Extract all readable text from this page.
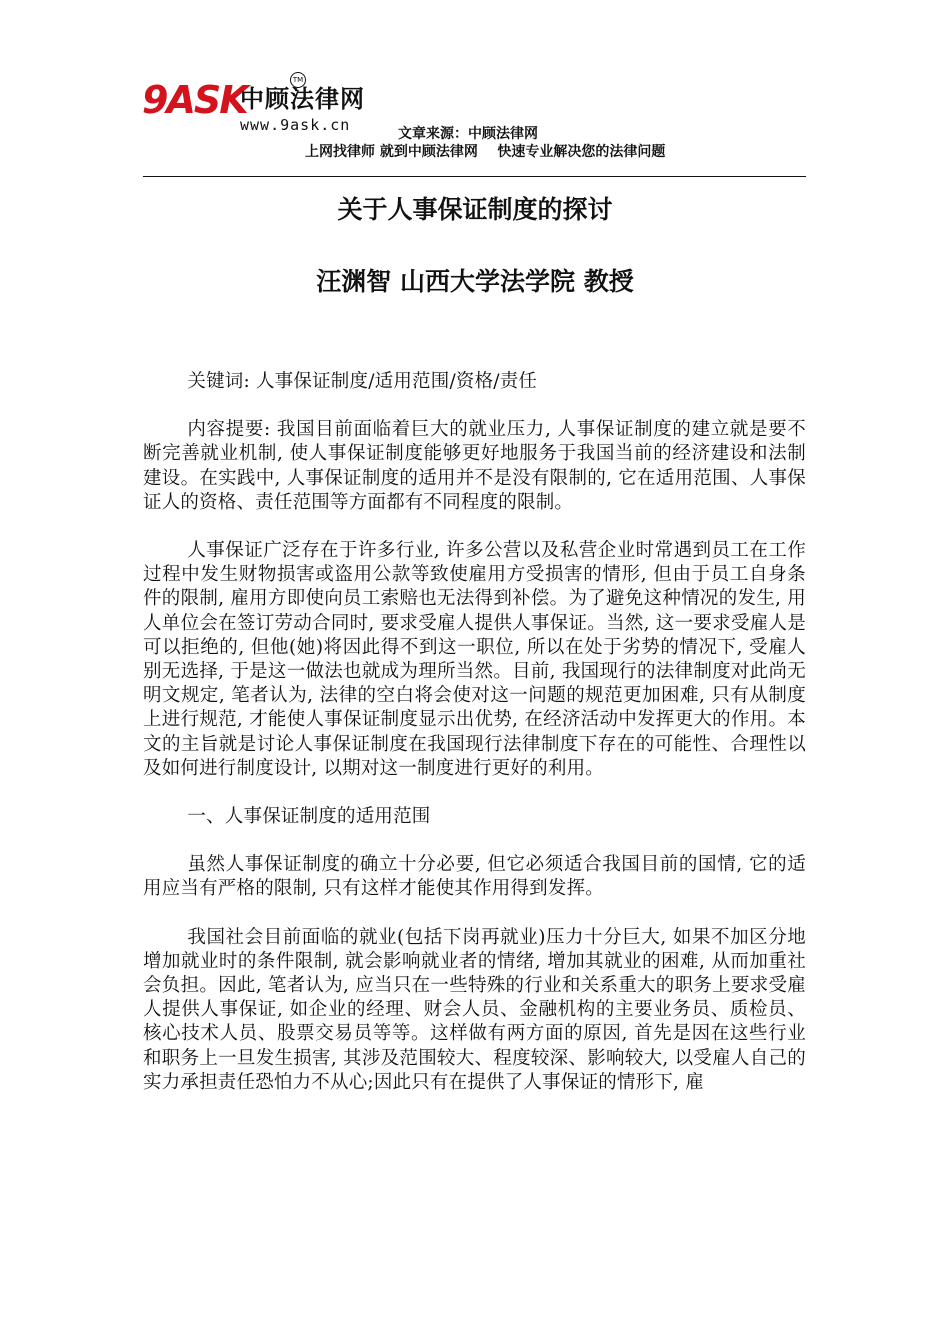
9ASK
中顾法律网
TM
www.9ask.cn	文章来源：中顾法律网
上网找律师 就到中顾法律网    快速专业解决您的法律问题
关于人事保证制度的探讨
汪渊智 山西大学法学院 教授

关键词: 人事保证制度/适用范围/资格/责任

内容提要: 我国目前面临着巨大的就业压力, 人事保证制度的建立就是要不断完善就业机制, 使人事保证制度能够更好地服务于我国当前的经济建设和法制建设。在实践中, 人事保证制度的适用并不是没有限制的, 它在适用范围、人事保证人的资格、责任范围等方面都有不同程度的限制。

人事保证广泛存在于许多行业, 许多公营以及私营企业时常遇到员工在工作过程中发生财物损害或盗用公款等致使雇用方受损害的情形, 但由于员工自身条件的限制, 雇用方即使向员工索赔也无法得到补偿。为了避免这种情况的发生, 用人单位会在签订劳动合同时, 要求受雇人提供人事保证。当然, 这一要求受雇人是可以拒绝的, 但他(她)将因此得不到这一职位, 所以在处于劣势的情况下, 受雇人别无选择, 于是这一做法也就成为理所当然。目前, 我国现行的法律制度对此尚无明文规定, 笔者认为, 法律的空白将会使对这一问题的规范更加困难, 只有从制度上进行规范, 才能使人事保证制度显示出优势, 在经济活动中发挥更大的作用。本文的主旨就是讨论人事保证制度在我国现行法律制度下存在的可能性、合理性以及如何进行制度设计, 以期对这一制度进行更好的利用。

一、人事保证制度的适用范围

虽然人事保证制度的确立十分必要, 但它必须适合我国目前的国情, 它的适用应当有严格的限制, 只有这样才能使其作用得到发挥。

我国社会目前面临的就业(包括下岗再就业)压力十分巨大, 如果不加区分地增加就业时的条件限制, 就会影响就业者的情绪, 增加其就业的困难, 从而加重社会负担。因此, 笔者认为, 应当只在一些特殊的行业和关系重大的职务上要求受雇人提供人事保证, 如企业的经理、财会人员、金融机构的主要业务员、质检员、核心技术人员、股票交易员等等。这样做有两方面的原因, 首先是因在这些行业和职务上一旦发生损害, 其涉及范围较大、程度较深、影响较大, 以受雇人自己的实力承担责任恐怕力不从心;因此只有在提供了人事保证的情形下, 雇
